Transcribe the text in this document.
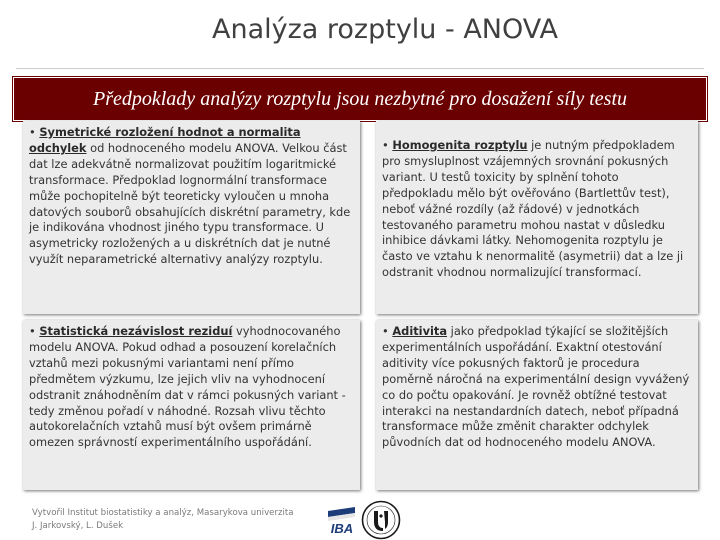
Analýza rozptylu - ANOVA
Předpoklady analýzy rozptylu jsou nezbytné pro dosažení síly testu
• Symetrické rozložení hodnot a normalita odchylek od hodnoceného modelu ANOVA. Velkou část dat lze adekvátně normalizovat použitím logaritmické transformace. Předpoklad lognormální transformace může pochopitelně být teoreticky vyloučen u mnoha datových souborů obsahujících diskrétní parametry, kde je indikována vhodnost jiného typu transformace. U asymetricky rozložených a u diskrétních dat je nutné využít neparametrické alternativy analýzy rozptylu.
• Homogenita rozptylu je nutným předpokladem pro smysluplnost vzájemných srovnání pokusných variant. U testů toxicity by splnění tohoto předpokladu mělo být ověřováno (Bartlettův test), neboť vážné rozdíly (až řádové) v jednotkách testovaného parametru mohou nastat v důsledku inhibice dávkami látky. Nehomogenita rozptylu je často ve vztahu k nenormalitě (asymetrii) dat a lze ji odstranit vhodnou normalizující transformací.
• Statistická nezávislost reziduí vyhodnocovaného modelu ANOVA. Pokud odhad a posouzení korelačních vztahů mezi pokusnými variantami není přímo předmětem výzkumu, lze jejich vliv na vyhodnocení odstranit znáhodněním dat v rámci pokusných variant - tedy změnou pořadí v náhodné. Rozsah vlivu těchto autokorelačních vztahů musí být ovšem primárně omezen správností experimentálního uspořádání.
• Aditivita jako předpoklad týkající se složitějších experimentálních uspořádání. Exaktní otestování aditivity více pokusných faktorů je procedura poměrně náročná na experimentální design vyvážený co do počtu opakování. Je rovněž obtížné testovat interakci na nestandardních datech, neboť případná transformace může změnit charakter odchylek původních dat od hodnoceného modelu ANOVA.
Vytvořil Institut biostatistiky a analýz, Masarykova univerzita
J. Jarkovský, L. Dušek	IBA
